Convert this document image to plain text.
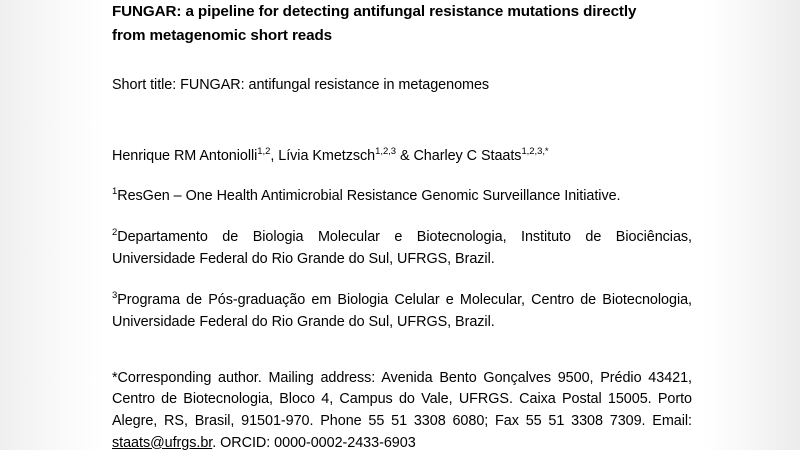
FUNGAR: a pipeline for detecting antifungal resistance mutations directly
from metagenomic short reads

Short title: FUNGAR: antifungal resistance in metagenomes

Henrique RM Antoniolli$^{1,2}$, Lívia Kmetzsch$^{1,2,3}$ & Charley C Staats$^{1,2,3,*}$

$^1$ResGen – One Health Antimicrobial Resistance Genomic Surveillance Initiative.

$^2$Departamento de Biologia Molecular e Biotecnologia, Instituto de Biociências, Universidade Federal do Rio Grande do Sul, UFRGS, Brazil.

$^3$Programa de Pós-graduação em Biologia Celular e Molecular, Centro de Biotecnologia, Universidade Federal do Rio Grande do Sul, UFRGS, Brazil.

*Corresponding author. Mailing address: Avenida Bento Gonçalves 9500, Prédio 43421, Centro de Biotecnologia, Bloco 4, Campus do Vale, UFRGS. Caixa Postal 15005. Porto Alegre, RS, Brasil, 91501-970. Phone 55 51 3308 6080; Fax 55 51 3308 7309. Email: staats@ufrgs.br. ORCID: 0000-0002-2433-6903
